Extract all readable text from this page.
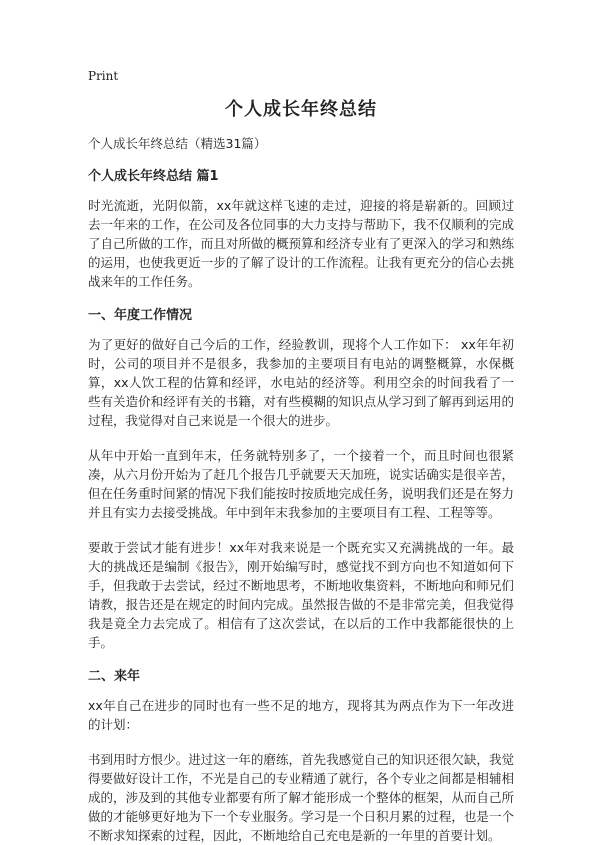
Print
个人成长年终总结
个人成长年终总结（精选31篇）
个人成长年终总结 篇1

时光流逝，光阴似箭，xx年就这样飞速的走过，迎接的将是崭新的。回顾过去一年来的工作，在公司及各位同事的大力支持与帮助下，我不仅顺利的完成了自己所做的工作，而且对所做的概预算和经济专业有了更深入的学习和熟练的运用，也使我更近一步的了解了设计的工作流程。让我有更充分的信心去挑战来年的工作任务。

一、年度工作情况

为了更好的做好自己今后的工作，经验教训，现将个人工作如下： xx年年初时，公司的项目并不是很多，我参加的主要项目有电站的调整概算，水保概算，xx人饮工程的估算和经评，水电站的经济等。利用空余的时间我看了一些有关造价和经评有关的书籍，对有些模糊的知识点从学习到了解再到运用的过程，我觉得对自己来说是一个很大的进步。

从年中开始一直到年末，任务就特别多了，一个接着一个，而且时间也很紧凑，从六月份开始为了赶几个报告几乎就要天天加班，说实话确实是很辛苦，但在任务重时间紧的情况下我们能按时按质地完成任务，说明我们还是在努力并且有实力去接受挑战。年中到年末我参加的主要项目有工程、工程等等。

要敢于尝试才能有进步！xx年对我来说是一个既充实又充满挑战的一年。最大的挑战还是编制《报告》，刚开始编写时，感觉找不到方向也不知道如何下手，但我敢于去尝试，经过不断地思考，不断地收集资料，不断地向和师兄们请教，报告还是在规定的时间内完成。虽然报告做的不是非常完美，但我觉得我是竟全力去完成了。相信有了这次尝试，在以后的工作中我都能很快的上手。

二、来年

xx年自己在进步的同时也有一些不足的地方，现将其为两点作为下一年改进的计划：

书到用时方恨少。进过这一年的磨练，首先我感觉自己的知识还很欠缺，我觉得要做好设计工作，不光是自己的专业精通了就行，各个专业之间都是相辅相成的，涉及到的其他专业都要有所了解才能形成一个整体的框架，从而自己所做的才能够更好地为下一个专业服务。学习是一个日积月累的过程，也是一个不断求知探索的过程，因此，不断地给自己充电是新的一年里的首要计划。
